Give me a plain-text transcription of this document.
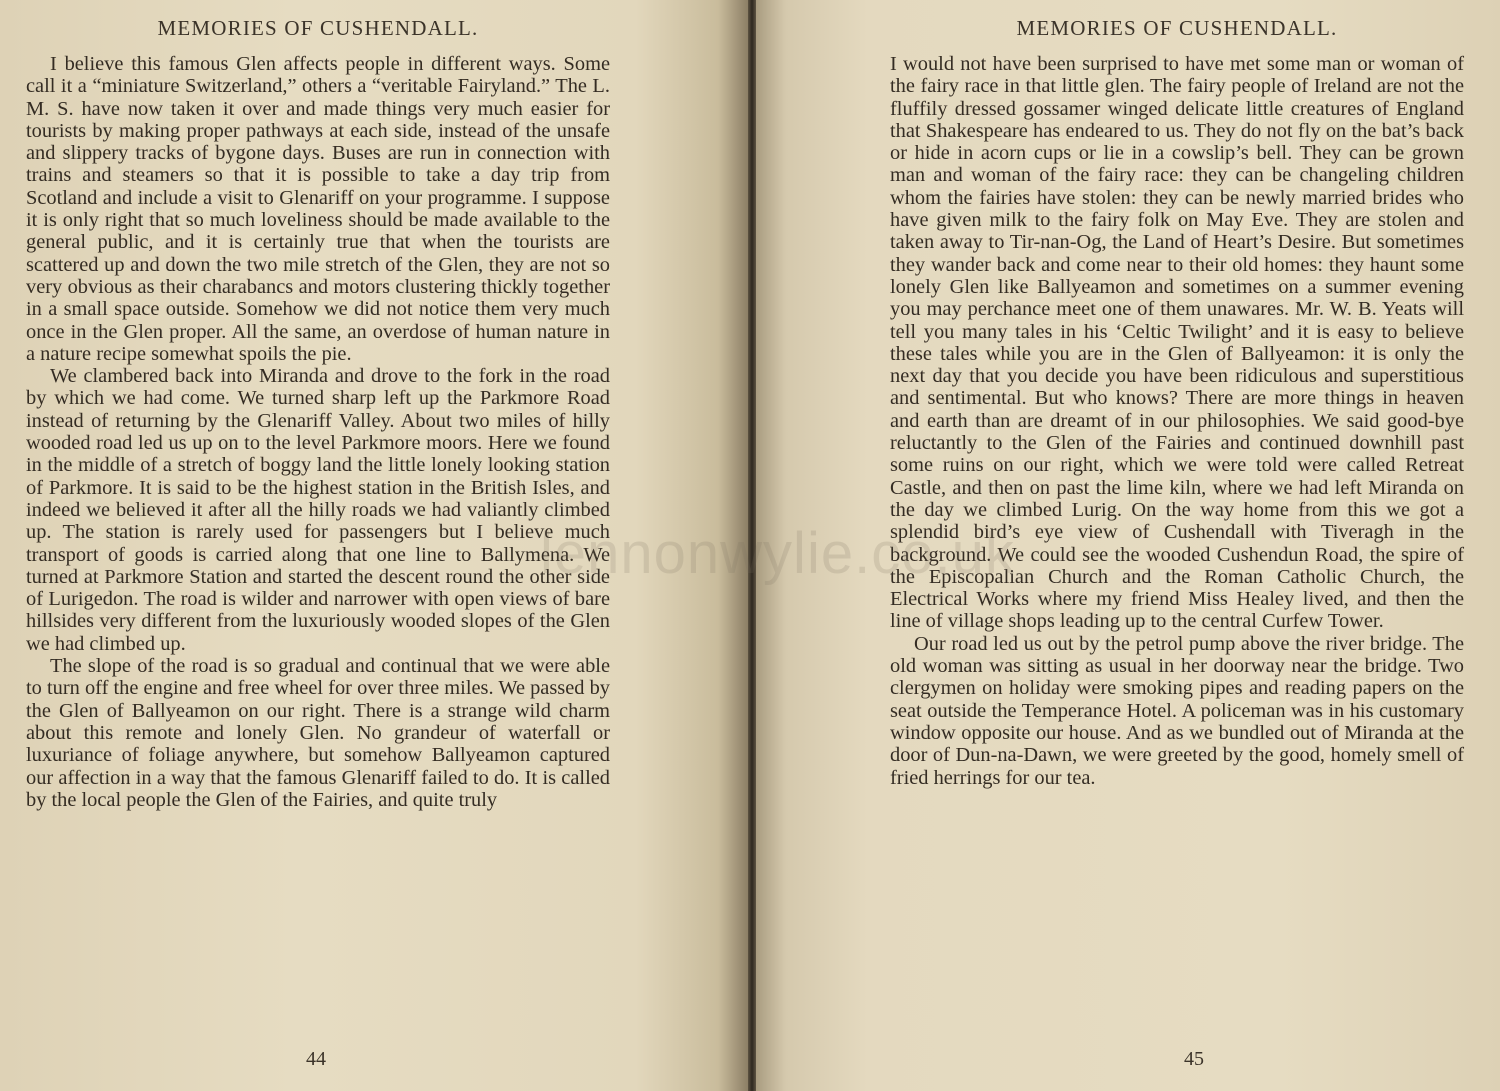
MEMORIES OF CUSHENDALL.

I believe this famous Glen affects people in different ways. Some call it a “miniature Switzerland,” others a “veritable Fairyland.” The L. M. S. have now taken it over and made things very much easier for tourists by making proper pathways at each side, instead of the unsafe and slippery tracks of bygone days. Buses are run in connection with trains and steamers so that it is possible to take a day trip from Scotland and include a visit to Glenariff on your programme. I suppose it is only right that so much loveliness should be made available to the general public, and it is certainly true that when the tourists are scattered up and down the two mile stretch of the Glen, they are not so very obvious as their charabancs and motors clustering thickly together in a small space outside. Somehow we did not notice them very much once in the Glen proper. All the same, an overdose of human nature in a nature recipe somewhat spoils the pie.

We clambered back into Miranda and drove to the fork in the road by which we had come. We turned sharp left up the Parkmore Road instead of returning by the Glenariff Valley. About two miles of hilly wooded road led us up on to the level Parkmore moors. Here we found in the middle of a stretch of boggy land the little lonely looking station of Parkmore. It is said to be the highest station in the British Isles, and indeed we believed it after all the hilly roads we had valiantly climbed up. The station is rarely used for passengers but I believe much transport of goods is carried along that one line to Ballymena. We turned at Parkmore Station and started the descent round the other side of Lurigedon. The road is wilder and narrower with open views of bare hillsides very different from the luxuriously wooded slopes of the Glen we had climbed up.

The slope of the road is so gradual and continual that we were able to turn off the engine and free wheel for over three miles. We passed by the Glen of Ballyeamon on our right. There is a strange wild charm about this remote and lonely Glen. No grandeur of waterfall or luxuriance of foliage anywhere, but somehow Ballyeamon captured our affection in a way that the famous Glenariff failed to do. It is called by the local people the Glen of the Fairies, and quite truly

44
MEMORIES OF CUSHENDALL.

I would not have been surprised to have met some man or woman of the fairy race in that little glen. The fairy people of Ireland are not the fluffily dressed gossamer winged delicate little creatures of England that Shakespeare has endeared to us. They do not fly on the bat’s back or hide in acorn cups or lie in a cowslip’s bell. They can be grown man and woman of the fairy race: they can be changeling children whom the fairies have stolen: they can be newly married brides who have given milk to the fairy folk on May Eve. They are stolen and taken away to Tir-nan-Og, the Land of Heart’s Desire. But sometimes they wander back and come near to their old homes: they haunt some lonely Glen like Ballyeamon and sometimes on a summer evening you may perchance meet one of them unawares. Mr. W. B. Yeats will tell you many tales in his ‘Celtic Twilight’ and it is easy to believe these tales while you are in the Glen of Ballyeamon: it is only the next day that you decide you have been ridiculous and superstitious and sentimental. But who knows? There are more things in heaven and earth than are dreamt of in our philosophies. We said good-bye reluctantly to the Glen of the Fairies and continued downhill past some ruins on our right, which we were told were called Retreat Castle, and then on past the lime kiln, where we had left Miranda on the day we climbed Lurig. On the way home from this we got a splendid bird’s eye view of Cushendall with Tiveragh in the background. We could see the wooded Cushendun Road, the spire of the Episcopalian Church and the Roman Catholic Church, the Electrical Works where my friend Miss Healey lived, and then the line of village shops leading up to the central Curfew Tower.

Our road led us out by the petrol pump above the river bridge. The old woman was sitting as usual in her doorway near the bridge. Two clergymen on holiday were smoking pipes and reading papers on the seat outside the Temperance Hotel. A policeman was in his customary window opposite our house. And as we bundled out of Miranda at the door of Dun-na-Dawn, we were greeted by the good, homely smell of fried herrings for our tea.

45
